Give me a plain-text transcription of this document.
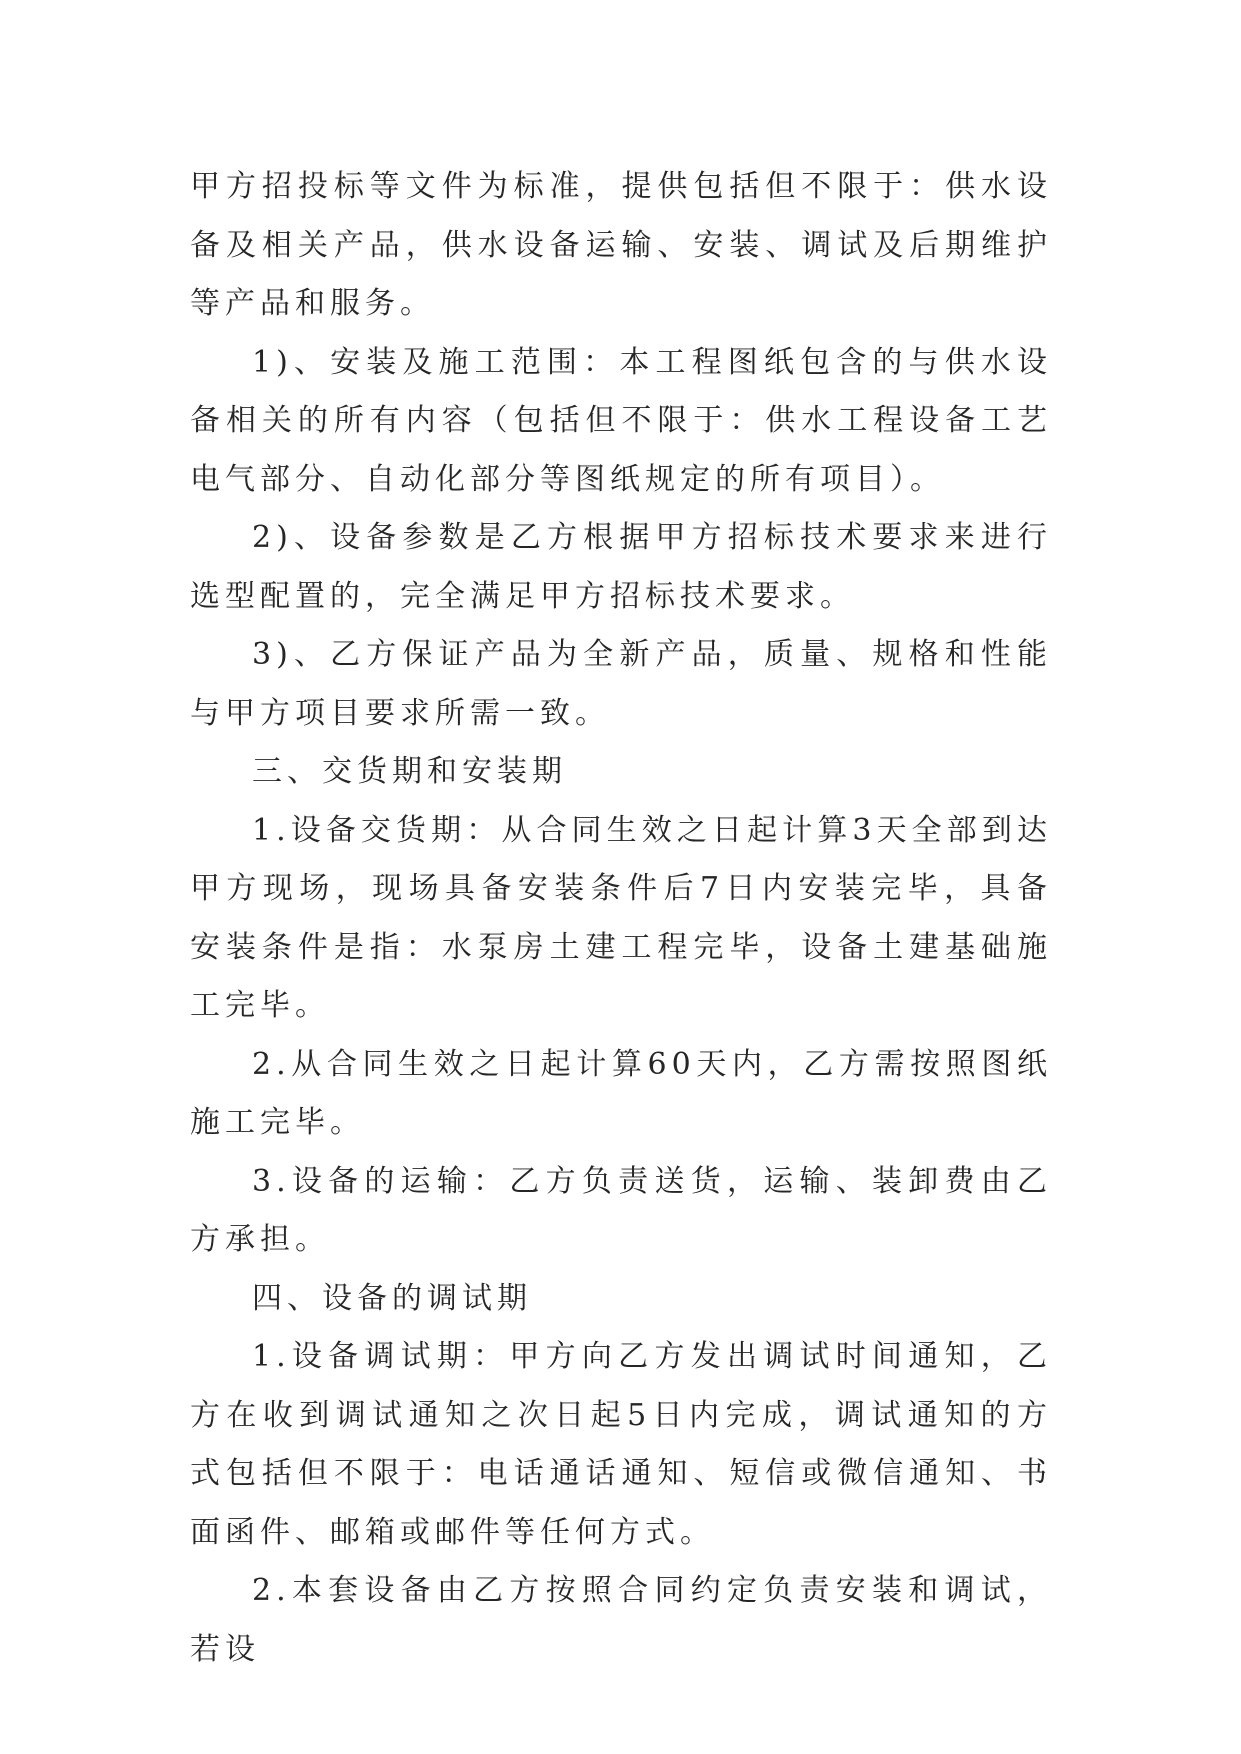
甲方招投标等文件为标准，提供包括但不限于：供水设备及相关产品，供水设备运输、安装、调试及后期维护等产品和服务。

1)、安装及施工范围：本工程图纸包含的与供水设备相关的所有内容（包括但不限于：供水工程设备工艺电气部分、自动化部分等图纸规定的所有项目）。

2)、设备参数是乙方根据甲方招标技术要求来进行选型配置的，完全满足甲方招标技术要求。

3)、乙方保证产品为全新产品，质量、规格和性能与甲方项目要求所需一致。

三、交货期和安装期

1.设备交货期：从合同生效之日起计算3天全部到达甲方现场，现场具备安装条件后7日内安装完毕，具备安装条件是指：水泵房土建工程完毕，设备土建基础施工完毕。

2.从合同生效之日起计算60天内，乙方需按照图纸施工完毕。

3.设备的运输：乙方负责送货，运输、装卸费由乙方承担。

四、设备的调试期

1.设备调试期：甲方向乙方发出调试时间通知，乙方在收到调试通知之次日起5日内完成，调试通知的方式包括但不限于：电话通话通知、短信或微信通知、书面函件、邮箱或邮件等任何方式。

2.本套设备由乙方按照合同约定负责安装和调试，若设
